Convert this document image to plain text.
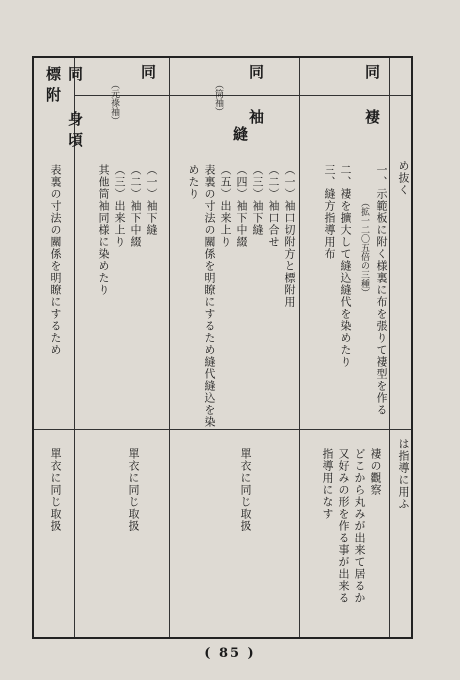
め抜く
は指導に用ふ
同 褄
一、示範板に附く様裏に布を張りて褄型を作る
（拡一二〇五倍の三種）
二、褄を擴大して縫込縫代を染めたり
三、縫方指導用布
褄の觀察
どこから丸みが出来て居るか
又好みの形を作る事が出来る
指導用になす
同 袖
（筒袖）
縫
（一）袖口切附方と標附用
（二）袖口合せ
（三）袖下縫
（四）袖下中綴
（五）出来上り
表裏の寸法の關係を明瞭にするため縫代縫込を染
めたり
單衣に同じ取扱
同
（元祿袖）
（一）袖下縫
（二）袖下中綴
（三）出来上り
其他筒袖同様に染めたり
單衣に同じ取扱
同 身頃標附
表裏の寸法の關係を明瞭にするため
單衣に同じ取扱
( 85 )
